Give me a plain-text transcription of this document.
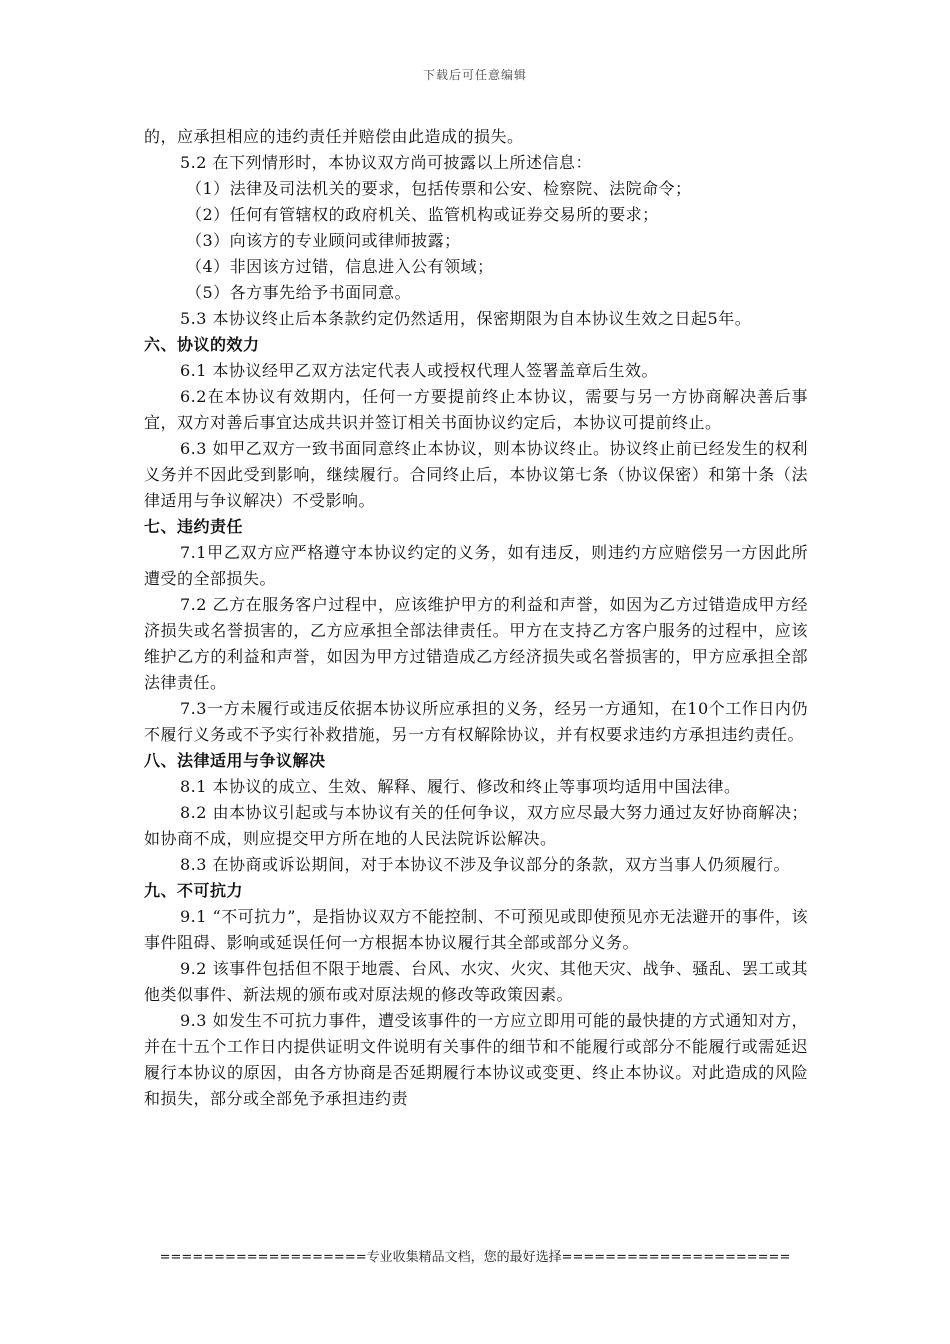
下载后可任意编辑

的，应承担相应的违约责任并赔偿由此造成的损失。

5.2 在下列情形时，本协议双方尚可披露以上所述信息：

（1）法律及司法机关的要求，包括传票和公安、检察院、法院命令；

（2）任何有管辖权的政府机关、监管机构或证券交易所的要求；

（3）向该方的专业顾问或律师披露；

（4）非因该方过错，信息进入公有领域；

（5）各方事先给予书面同意。

5.3 本协议终止后本条款约定仍然适用，保密期限为自本协议生效之日起5年。

六、协议的效力

6.1 本协议经甲乙双方法定代表人或授权代理人签署盖章后生效。

6.2在本协议有效期内，任何一方要提前终止本协议，需要与另一方协商解决善后事宜，双方对善后事宜达成共识并签订相关书面协议约定后，本协议可提前终止。

6.3 如甲乙双方一致书面同意终止本协议，则本协议终止。协议终止前已经发生的权利义务并不因此受到影响，继续履行。合同终止后，本协议第七条（协议保密）和第十条（法律适用与争议解决）不受影响。

七、违约责任

7.1甲乙双方应严格遵守本协议约定的义务，如有违反，则违约方应赔偿另一方因此所遭受的全部损失。

7.2 乙方在服务客户过程中，应该维护甲方的利益和声誉，如因为乙方过错造成甲方经济损失或名誉损害的，乙方应承担全部法律责任。甲方在支持乙方客户服务的过程中，应该维护乙方的利益和声誉，如因为甲方过错造成乙方经济损失或名誉损害的，甲方应承担全部法律责任。

7.3一方未履行或违反依据本协议所应承担的义务，经另一方通知，在10个工作日内仍不履行义务或不予实行补救措施，另一方有权解除协议，并有权要求违约方承担违约责任。

八、法律适用与争议解决

8.1 本协议的成立、生效、解释、履行、修改和终止等事项均适用中国法律。

8.2 由本协议引起或与本协议有关的任何争议，双方应尽最大努力通过友好协商解决；如协商不成，则应提交甲方所在地的人民法院诉讼解决。

8.3 在协商或诉讼期间，对于本协议不涉及争议部分的条款，双方当事人仍须履行。

九、不可抗力

9.1 “不可抗力”，是指协议双方不能控制、不可预见或即使预见亦无法避开的事件，该事件阻碍、影响或延误任何一方根据本协议履行其全部或部分义务。

9.2 该事件包括但不限于地震、台风、水灾、火灾、其他天灾、战争、骚乱、罢工或其他类似事件、新法规的颁布或对原法规的修改等政策因素。

9.3 如发生不可抗力事件，遭受该事件的一方应立即用可能的最快捷的方式通知对方，并在十五个工作日内提供证明文件说明有关事件的细节和不能履行或部分不能履行或需延迟履行本协议的原因，由各方协商是否延期履行本协议或变更、终止本协议。对此造成的风险和损失，部分或全部免予承担违约责

===================专业收集精品文档，您的最好选择=====================
